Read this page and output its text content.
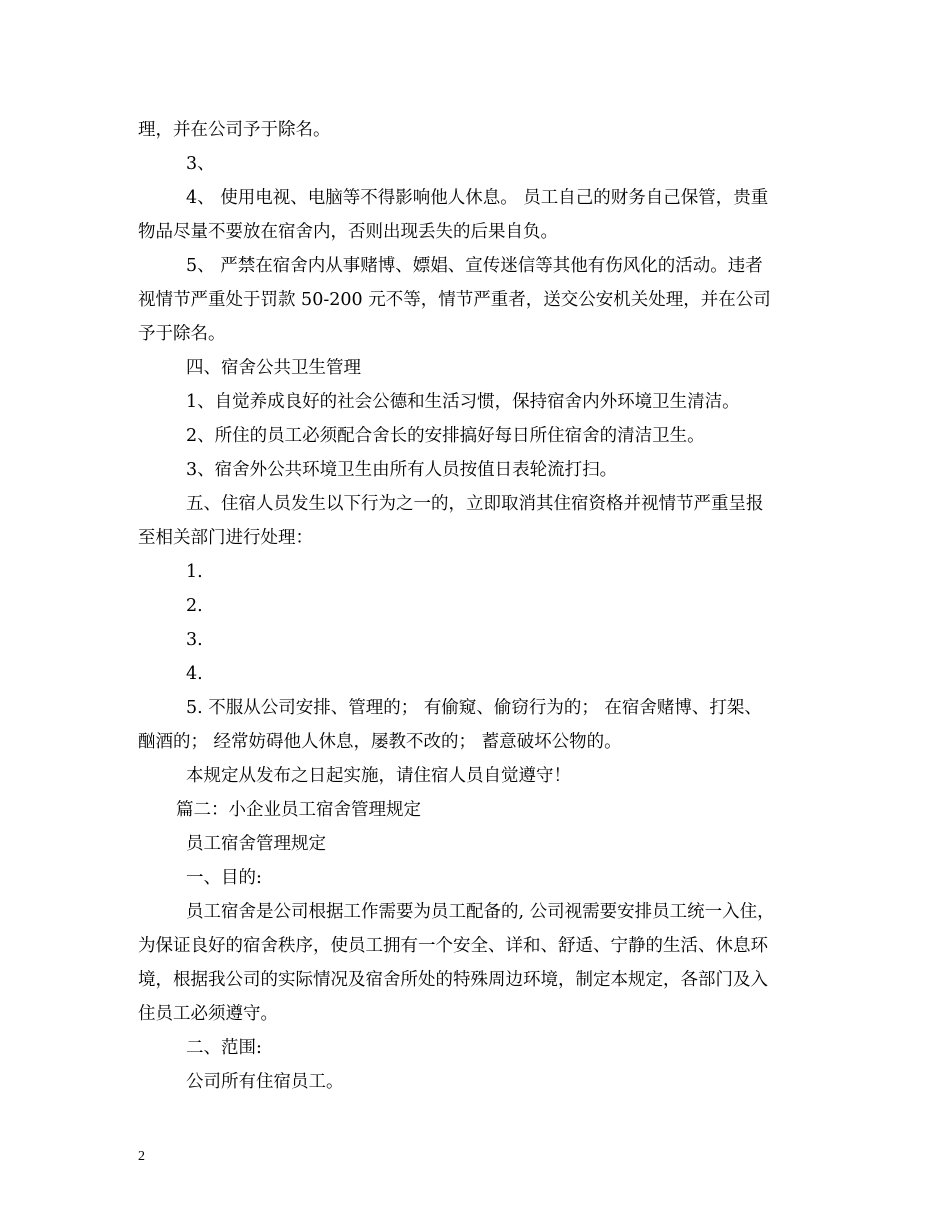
理，并在公司予于除名。
3、
4、 使用电视、电脑等不得影响他人休息。 员工自己的财务自己保管，贵重
物品尽量不要放在宿舍内，否则出现丢失的后果自负。
5、 严禁在宿舍内从事赌博、嫖娼、宣传迷信等其他有伤风化的活动。违者
视情节严重处于罚款 50-200 元不等，情节严重者，送交公安机关处理，并在公司
予于除名。
四、宿舍公共卫生管理
1、自觉养成良好的社会公德和生活习惯，保持宿舍内外环境卫生清洁。
2、所住的员工必须配合舍长的安排搞好每日所住宿舍的清洁卫生。
3、宿舍外公共环境卫生由所有人员按值日表轮流打扫。
五、住宿人员发生以下行为之一的，立即取消其住宿资格并视情节严重呈报
至相关部门进行处理：
1.
2.
3.
4.
5. 不服从公司安排、管理的； 有偷窥、偷窃行为的； 在宿舍赌博、打架、
酗酒的； 经常妨碍他人休息，屡教不改的； 蓄意破坏公物的。
本规定从发布之日起实施，请住宿人员自觉遵守！
篇二：小企业员工宿舍管理规定
员工宿舍管理规定
一、目的:
员工宿舍是公司根据工作需要为员工配备的, 公司视需要安排员工统一入住，
为保证良好的宿舍秩序，使员工拥有一个安全、详和、舒适、宁静的生活、休息环
境，根据我公司的实际情况及宿舍所处的特殊周边环境，制定本规定，各部门及入
住员工必须遵守。
二、范围:
公司所有住宿员工。
2
